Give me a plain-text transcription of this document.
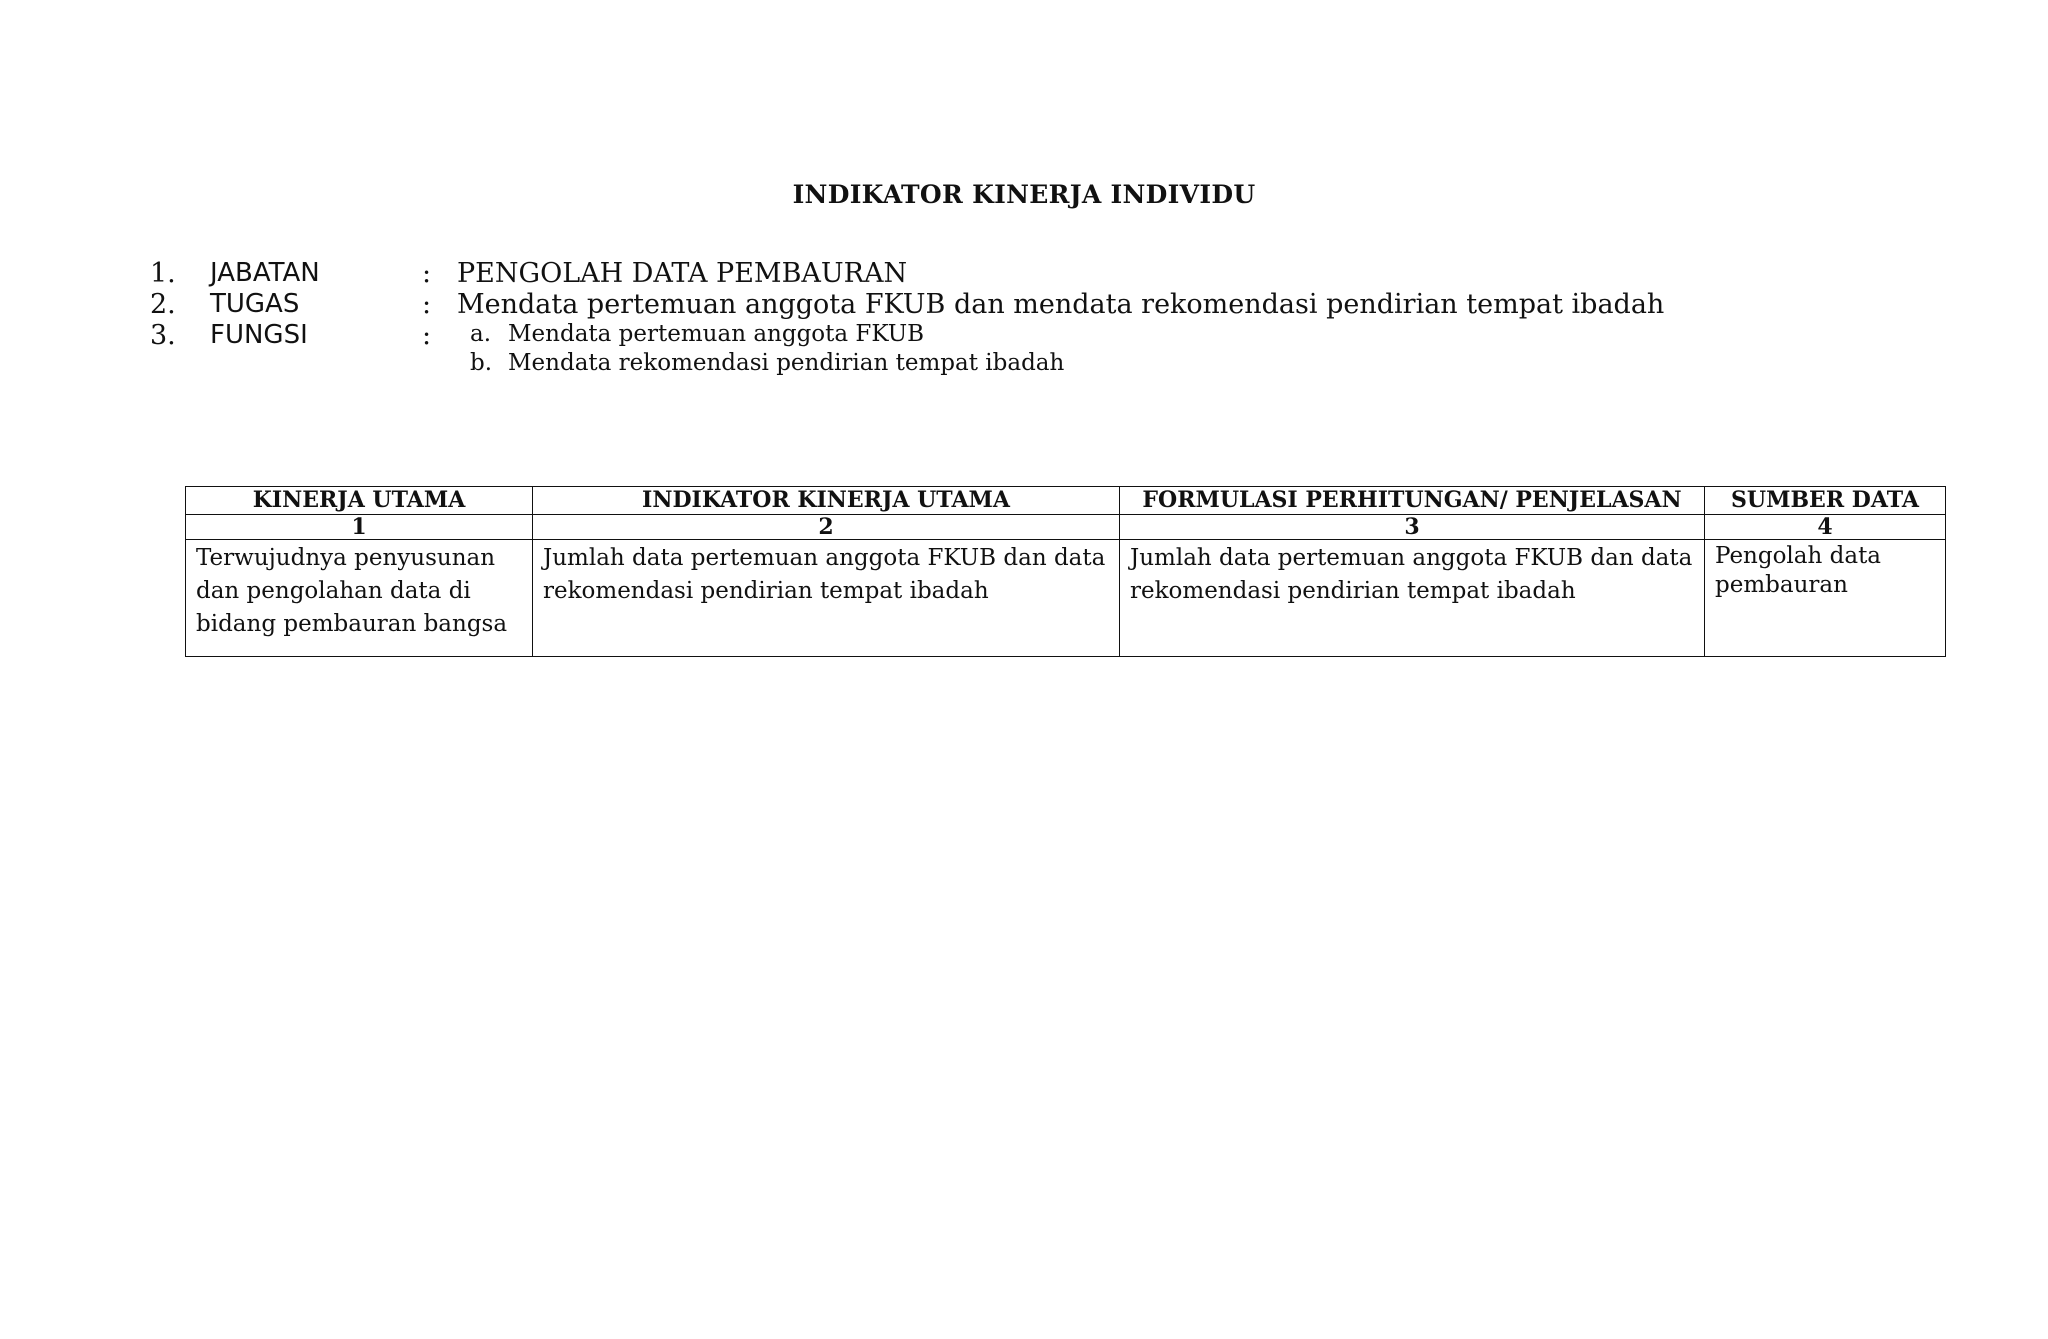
INDIKATOR KINERJA INDIVIDU
1. JABATAN	: PENGOLAH DATA PEMBAURAN
2. TUGAS	: Mendata pertemuan anggota FKUB dan mendata rekomendasi pendirian tempat ibadah
3. FUNGSI	: a. Mendata pertemuan anggota FKUB
b. Mendata rekomendasi pendirian tempat ibadah
KINERJA UTAMA	INDIKATOR KINERJA UTAMA	FORMULASI PERHITUNGAN/ PENJELASAN	SUMBER DATA
1	2	3	4
Terwujudnya penyusunan dan pengolahan data di bidang pembauran bangsa	Jumlah data pertemuan anggota FKUB dan data rekomendasi pendirian tempat ibadah	Jumlah data pertemuan anggota FKUB dan data rekomendasi pendirian tempat ibadah	Pengolah data pembauran
